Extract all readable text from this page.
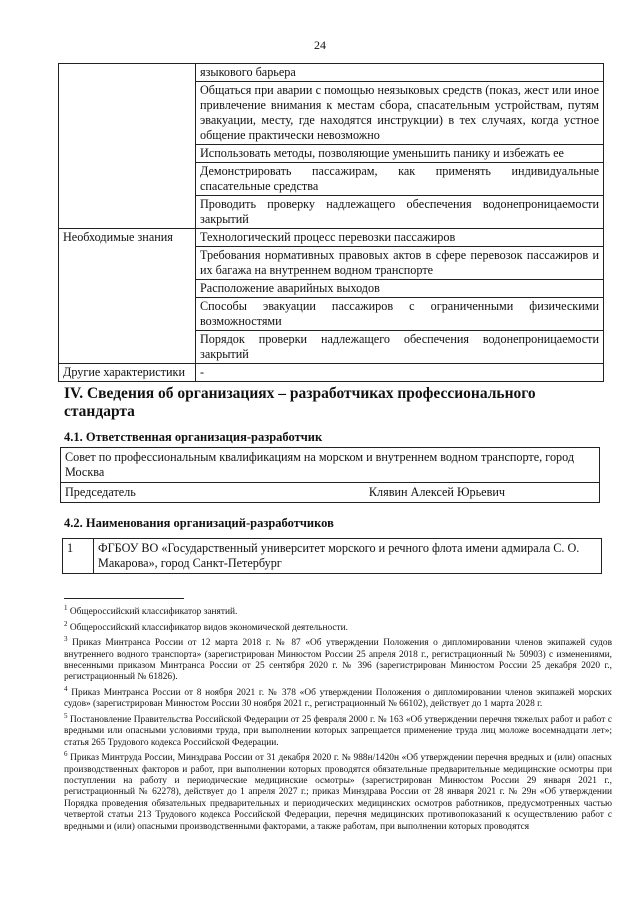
24
	языкового барьера
	Общаться при аварии с помощью неязыковых средств (показ, жест или иное привлечение внимания к местам сбора, спасательным устройствам, путям эвакуации, месту, где находятся инструкции) в тех случаях, когда устное общение практически невозможно
	Использовать методы, позволяющие уменьшить панику и избежать ее
	Демонстрировать пассажирам, как применять индивидуальные спасательные средства
	Проводить проверку надлежащего обеспечения водонепроницаемости закрытий
Необходимые знания	Технологический процесс перевозки пассажиров
	Требования нормативных правовых актов в сфере перевозок пассажиров и их багажа на внутреннем водном транспорте
	Расположение аварийных выходов
	Способы эвакуации пассажиров с ограниченными физическими возможностями
	Порядок проверки надлежащего обеспечения водонепроницаемости закрытий
Другие характеристики	-
IV. Сведения об организациях – разработчиках профессионального стандарта
4.1. Ответственная организация-разработчик
Совет по профессиональным квалификациям на морском и внутреннем водном транспорте, город Москва

Председатель	Клявин Алексей Юрьевич
4.2. Наименования организаций-разработчиков
1	ФГБОУ ВО «Государственный университет морского и речного флота имени адмирала С. О. Макарова», город Санкт-Петербург

$^1$ Общероссийский классификатор занятий.

$^2$ Общероссийский классификатор видов экономической деятельности.

$^3$ Приказ Минтранса России от 12 марта 2018 г. № 87 «Об утверждении Положения о дипломировании членов экипажей судов внутреннего водного транспорта» (зарегистрирован Минюстом России 25 апреля 2018 г., регистрационный № 50903) с изменениями, внесенными приказом Минтранса России от 25 сентября 2020 г. № 396 (зарегистрирован Минюстом России 25 декабря 2020 г., регистрационный № 61826).

$^4$ Приказ Минтранса России от 8 ноября 2021 г. № 378 «Об утверждении Положения о дипломировании членов экипажей морских судов» (зарегистрирован Минюстом России 30 ноября 2021 г., регистрационный № 66102), действует до 1 марта 2028 г.

$^5$ Постановление Правительства Российской Федерации от 25 февраля 2000 г. № 163 «Об утверждении перечня тяжелых работ и работ с вредными или опасными условиями труда, при выполнении которых запрещается применение труда лиц моложе восемнадцати лет»; статья 265 Трудового кодекса Российской Федерации.

$^6$ Приказ Минтруда России, Минздрава России от 31 декабря 2020 г. № 988н/1420н «Об утверждении перечня вредных и (или) опасных производственных факторов и работ, при выполнении которых проводятся обязательные предварительные медицинские осмотры при поступлении на работу и периодические медицинские осмотры» (зарегистрирован Минюстом России 29 января 2021 г., регистрационный № 62278), действует до 1 апреля 2027 г.; приказ Минздрава России от 28 января 2021 г. № 29н «Об утверждении Порядка проведения обязательных предварительных и периодических медицинских осмотров работников, предусмотренных частью четвертой статьи 213 Трудового кодекса Российской Федерации, перечня медицинских противопоказаний к осуществлению работ с вредными и (или) опасными производственными факторами, а также работам, при выполнении которых проводятся
